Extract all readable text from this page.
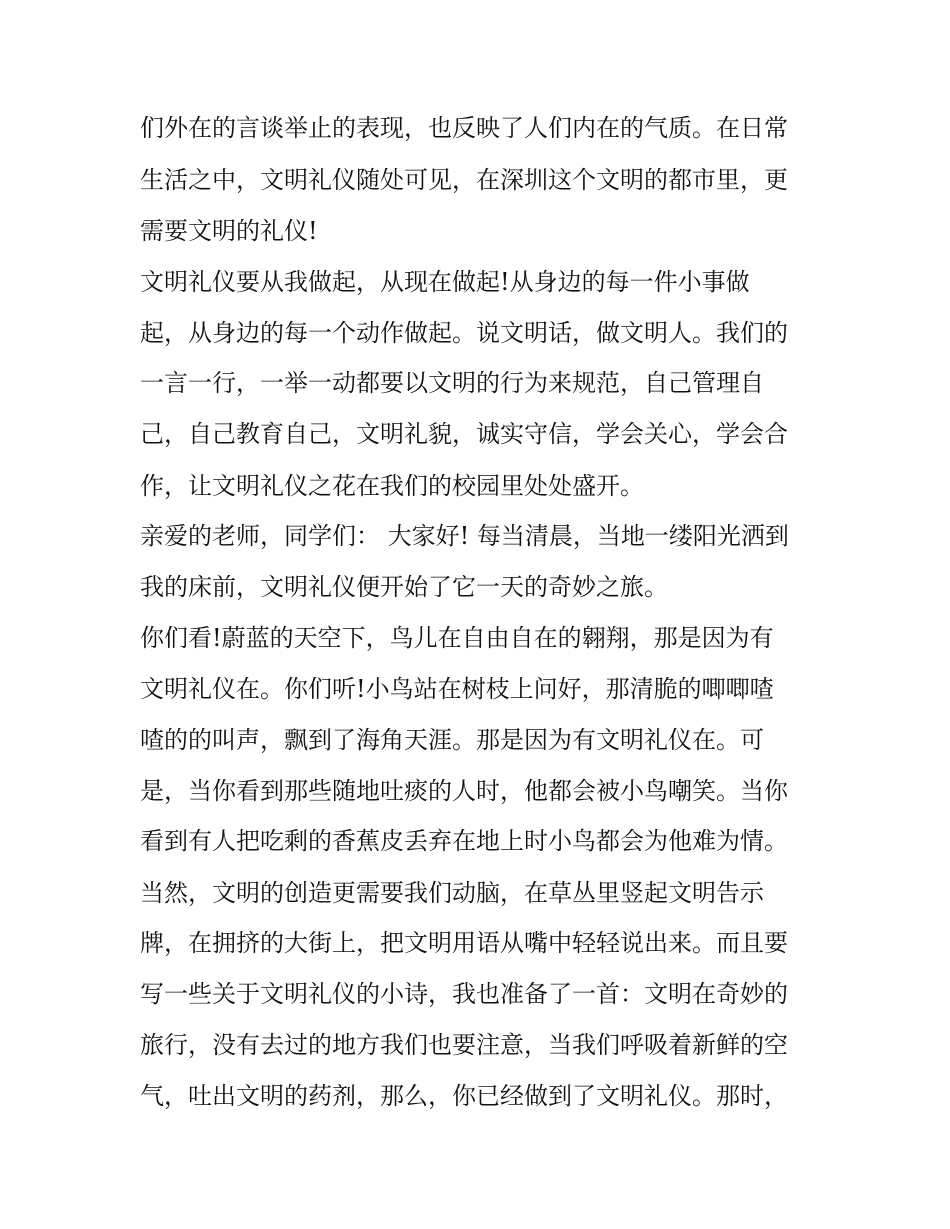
们外在的言谈举止的表现，也反映了人们内在的气质。在日常
生活之中，文明礼仪随处可见，在深圳这个文明的都市里，更
需要文明的礼仪!
文明礼仪要从我做起，从现在做起!从身边的每一件小事做
起，从身边的每一个动作做起。说文明话，做文明人。我们的
一言一行，一举一动都要以文明的行为来规范，自己管理自
己，自己教育自己，文明礼貌，诚实守信，学会关心，学会合
作，让文明礼仪之花在我们的校园里处处盛开。
亲爱的老师，同学们： 大家好! 每当清晨，当地一缕阳光洒到
我的床前，文明礼仪便开始了它一天的奇妙之旅。
你们看!蔚蓝的天空下，鸟儿在自由自在的翱翔，那是因为有
文明礼仪在。你们听!小鸟站在树枝上问好，那清脆的唧唧喳
喳的的叫声，飘到了海角天涯。那是因为有文明礼仪在。可
是，当你看到那些随地吐痰的人时，他都会被小鸟嘲笑。当你
看到有人把吃剩的香蕉皮丢弃在地上时小鸟都会为他难为情。
当然，文明的创造更需要我们动脑，在草丛里竖起文明告示
牌，在拥挤的大街上，把文明用语从嘴中轻轻说出来。而且要
写一些关于文明礼仪的小诗，我也准备了一首：文明在奇妙的
旅行，没有去过的地方我们也要注意，当我们呼吸着新鲜的空
气，吐出文明的药剂，那么，你已经做到了文明礼仪。那时，
